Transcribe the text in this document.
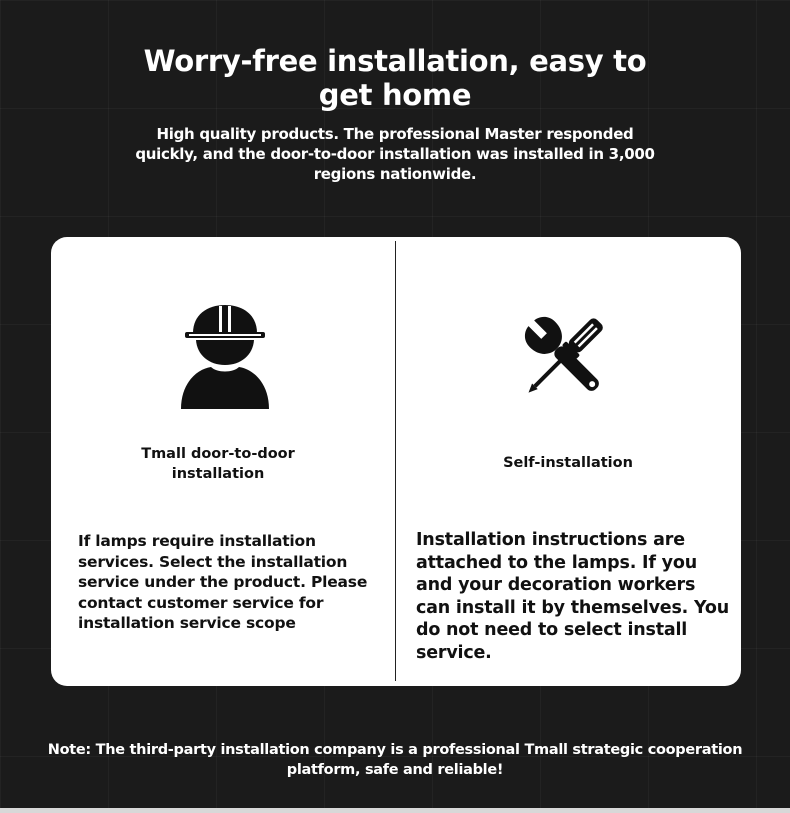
Worry-free installation, easy to get home
High quality products. The professional Master responded quickly, and the door-to-door installation was installed in 3,000 regions nationwide.
Tmall door-to-door installation
If lamps require installation services. Select the installation service under the product. Please contact customer service for installation service scope
Self-installation
Installation instructions are attached to the lamps. If you and your decoration workers can install it by themselves. You do not need to select install service.
Note: The third-party installation company is a professional Tmall strategic cooperation platform, safe and reliable!
